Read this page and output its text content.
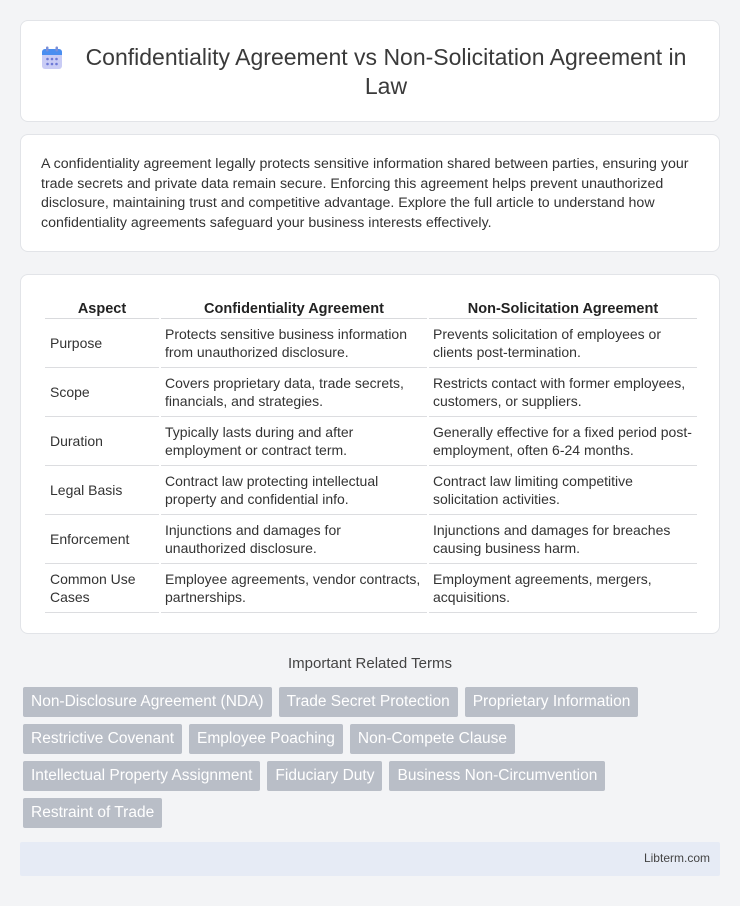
Confidentiality Agreement vs Non-Solicitation Agreement in Law

A confidentiality agreement legally protects sensitive information shared between parties, ensuring your trade secrets and private data remain secure. Enforcing this agreement helps prevent unauthorized disclosure, maintaining trust and competitive advantage. Explore the full article to understand how confidentiality agreements safeguard your business interests effectively.

Aspect	Confidentiality Agreement	Non-Solicitation Agreement
Purpose	Protects sensitive business information from unauthorized disclosure.	Prevents solicitation of employees or clients post-termination.
Scope	Covers proprietary data, trade secrets, financials, and strategies.	Restricts contact with former employees, customers, or suppliers.
Duration	Typically lasts during and after employment or contract term.	Generally effective for a fixed period post-employment, often 6-24 months.
Legal Basis	Contract law protecting intellectual property and confidential info.	Contract law limiting competitive solicitation activities.
Enforcement	Injunctions and damages for unauthorized disclosure.	Injunctions and damages for breaches causing business harm.
Common Use Cases	Employee agreements, vendor contracts, partnerships.	Employment agreements, mergers, acquisitions.
Important Related Terms
Non-Disclosure Agreement (NDA)	Trade Secret Protection	Proprietary Information
Restrictive Covenant	Employee Poaching	Non-Compete Clause
Intellectual Property Assignment	Fiduciary Duty	Business Non-Circumvention
Restraint of Trade
Libterm.com
